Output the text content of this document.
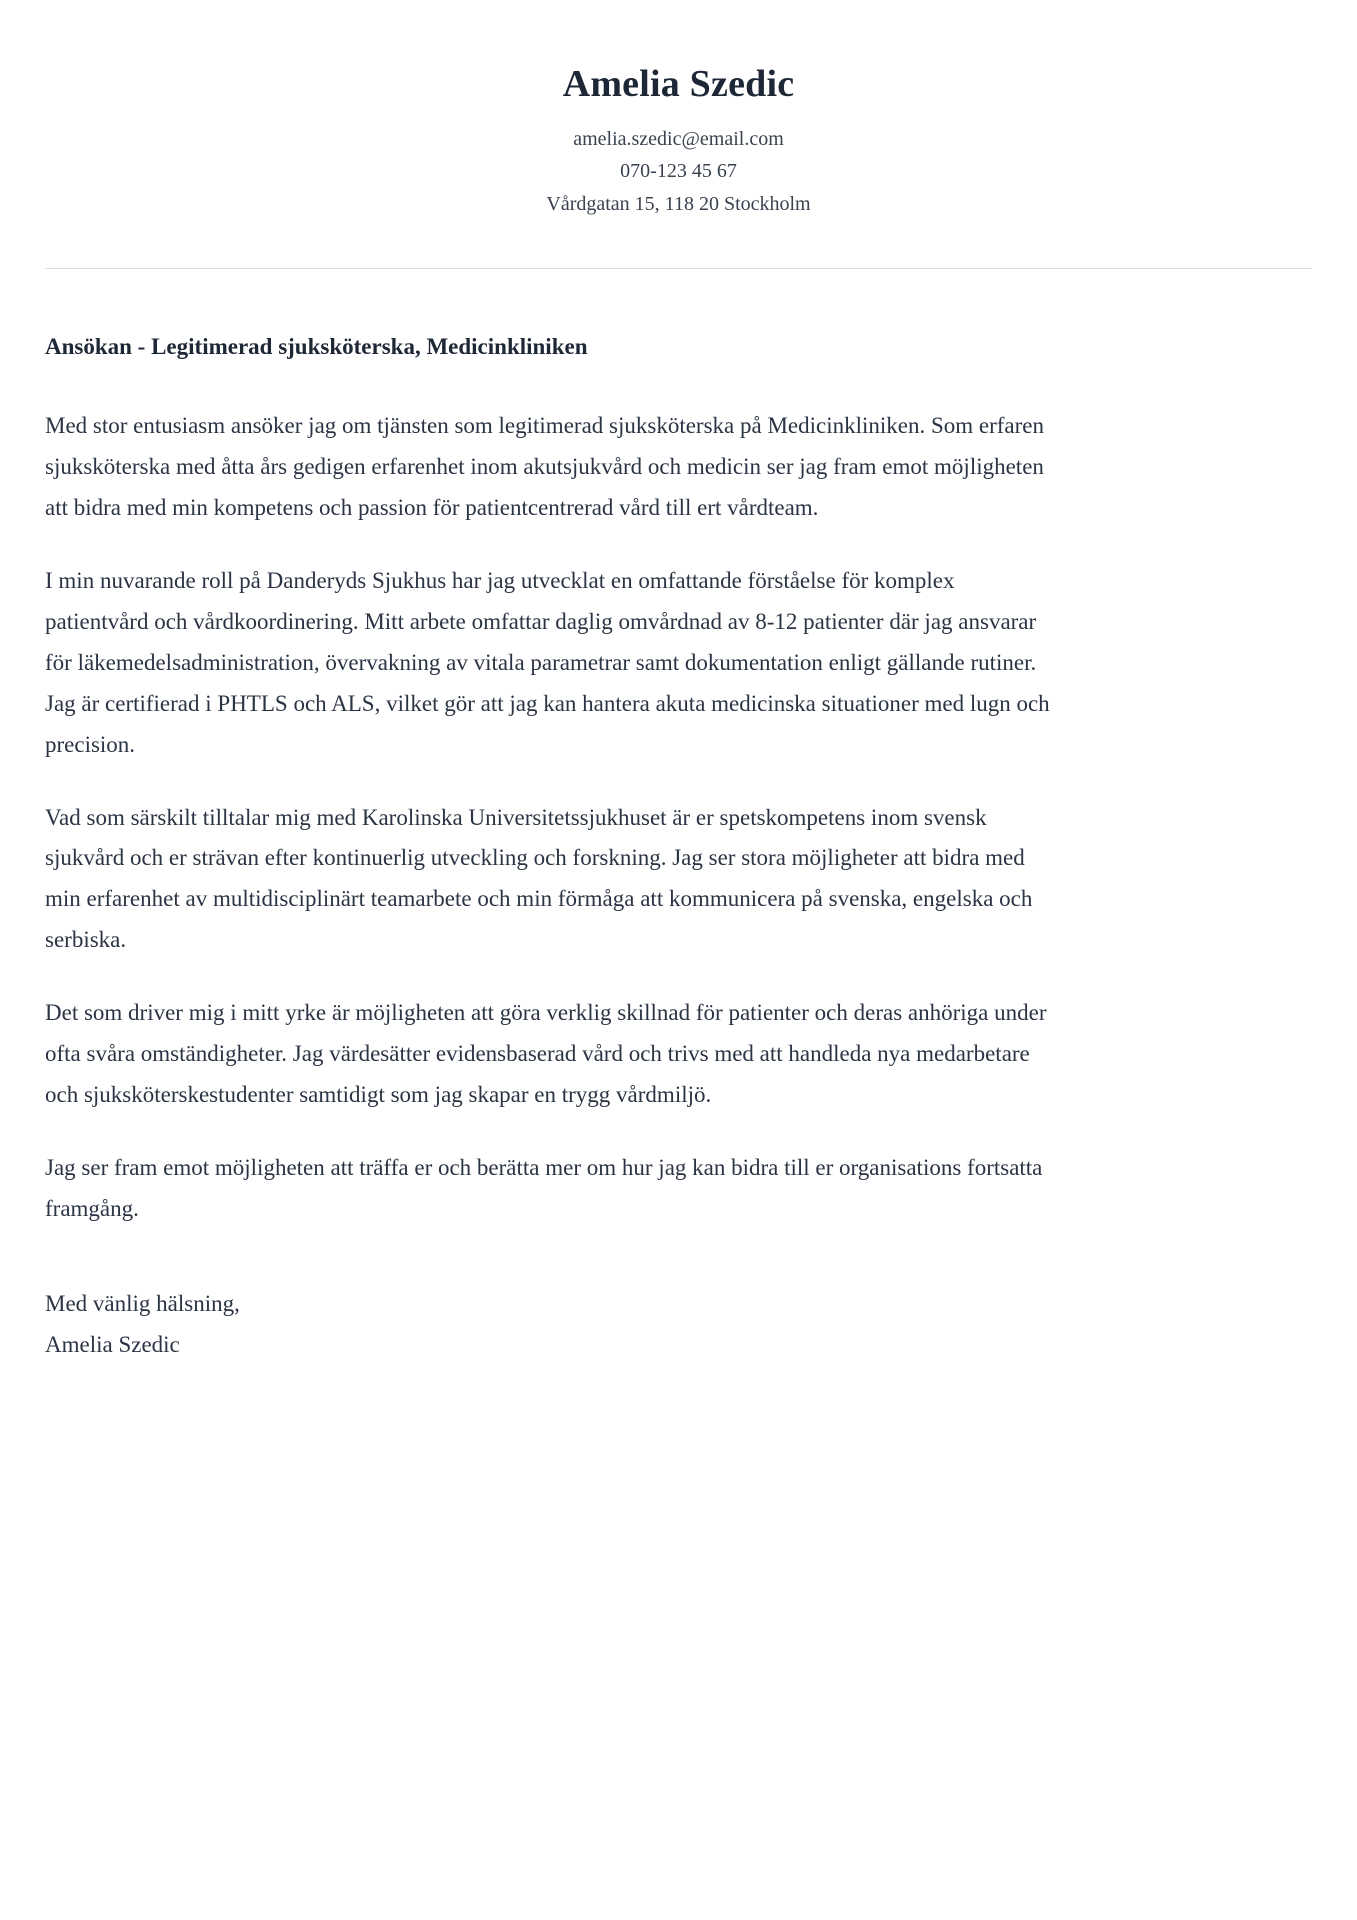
Amelia Szedic

amelia.szedic@email.com

070-123 45 67

Vårdgatan 15, 118 20 Stockholm

Ansökan - Legitimerad sjuksköterska, Medicinkliniken

Med stor entusiasm ansöker jag om tjänsten som legitimerad sjuksköterska på Medicinkliniken. Som erfaren sjuksköterska med åtta års gedigen erfarenhet inom akutsjukvård och medicin ser jag fram emot möjligheten att bidra med min kompetens och passion för patientcentrerad vård till ert vårdteam.

I min nuvarande roll på Danderyds Sjukhus har jag utvecklat en omfattande förståelse för komplex patientvård och vårdkoordinering. Mitt arbete omfattar daglig omvårdnad av 8-12 patienter där jag ansvarar för läkemedelsadministration, övervakning av vitala parametrar samt dokumentation enligt gällande rutiner. Jag är certifierad i PHTLS och ALS, vilket gör att jag kan hantera akuta medicinska situationer med lugn och precision.

Vad som särskilt tilltalar mig med Karolinska Universitetssjukhuset är er spetskompetens inom svensk sjukvård och er strävan efter kontinuerlig utveckling och forskning. Jag ser stora möjligheter att bidra med min erfarenhet av multidisciplinärt teamarbete och min förmåga att kommunicera på svenska, engelska och serbiska.

Det som driver mig i mitt yrke är möjligheten att göra verklig skillnad för patienter och deras anhöriga under ofta svåra omständigheter. Jag värdesätter evidensbaserad vård och trivs med att handleda nya medarbetare och sjuksköterskestudenter samtidigt som jag skapar en trygg vårdmiljö.

Jag ser fram emot möjligheten att träffa er och berätta mer om hur jag kan bidra till er organisations fortsatta framgång.

Med vänlig hälsning,

Amelia Szedic
